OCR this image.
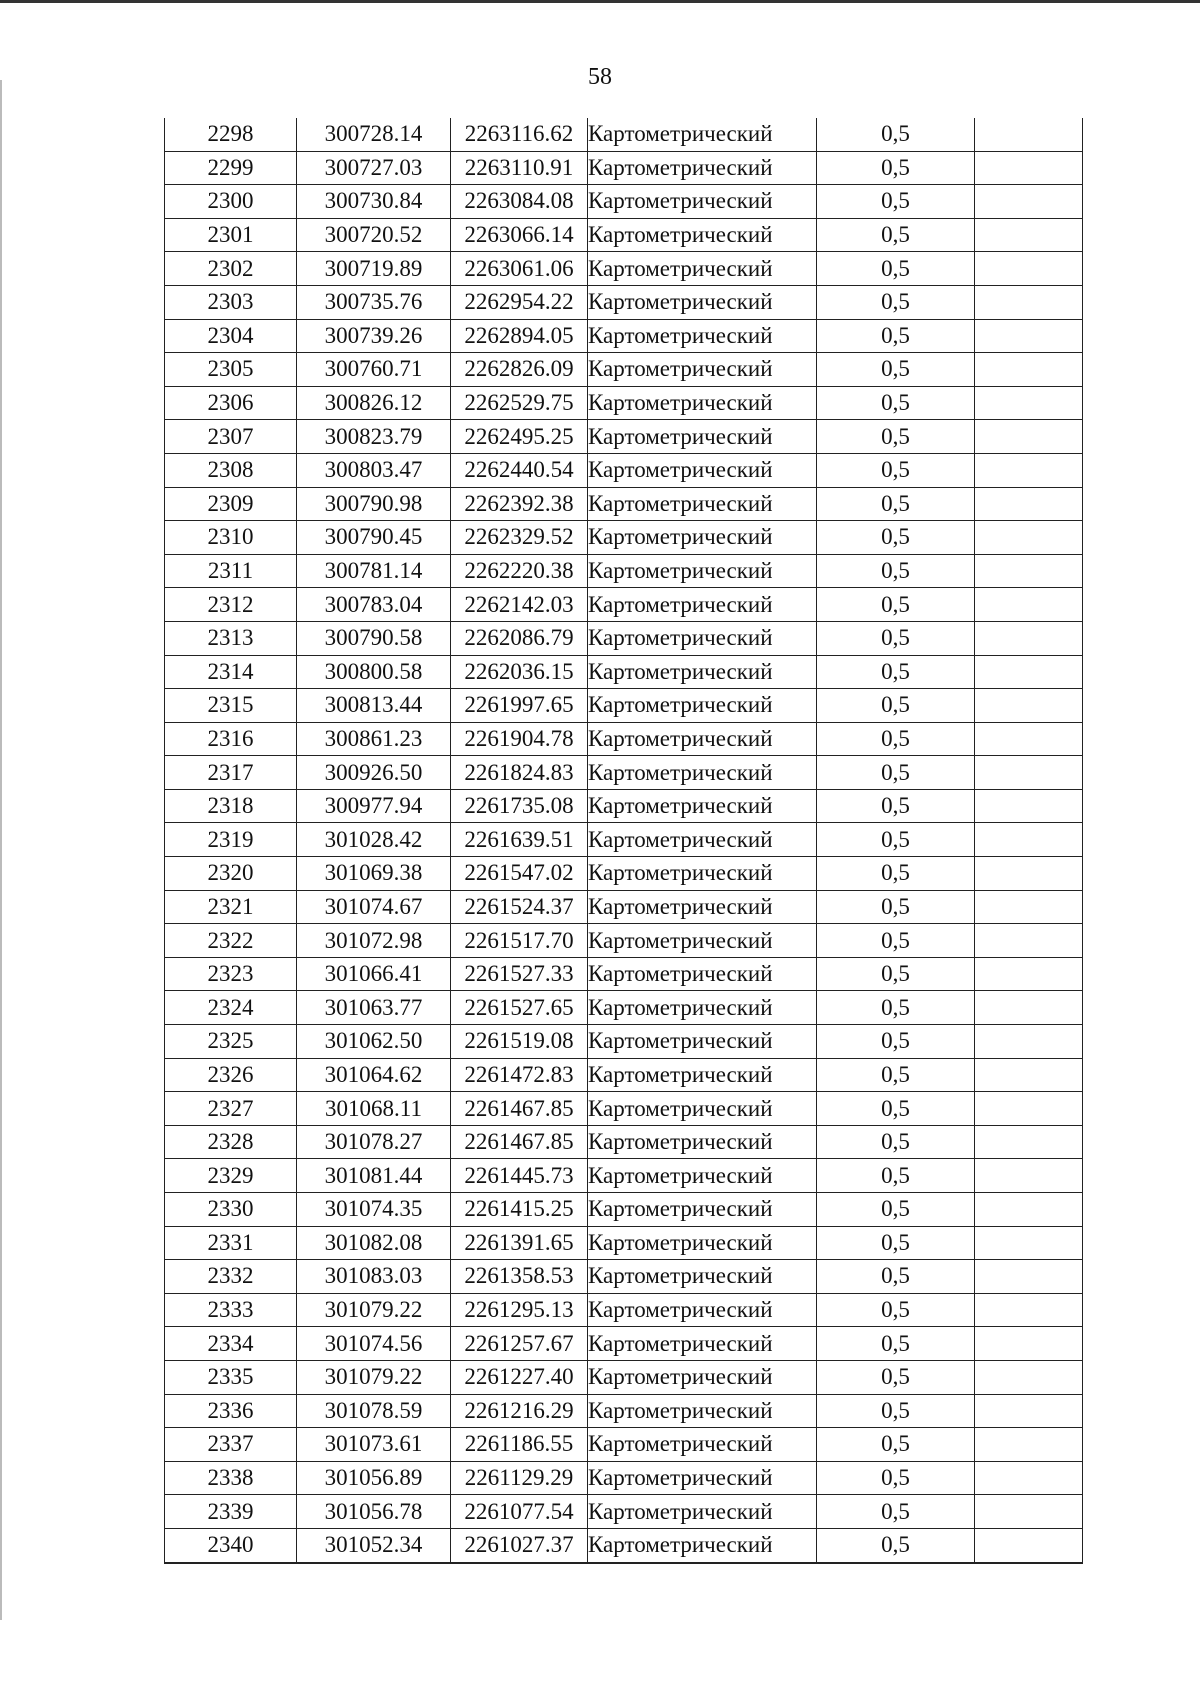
58
2298	300728.14	2263116.62	Картометрический	0,5	
2299	300727.03	2263110.91	Картометрический	0,5	
2300	300730.84	2263084.08	Картометрический	0,5	
2301	300720.52	2263066.14	Картометрический	0,5	
2302	300719.89	2263061.06	Картометрический	0,5	
2303	300735.76	2262954.22	Картометрический	0,5	
2304	300739.26	2262894.05	Картометрический	0,5	
2305	300760.71	2262826.09	Картометрический	0,5	
2306	300826.12	2262529.75	Картометрический	0,5	
2307	300823.79	2262495.25	Картометрический	0,5	
2308	300803.47	2262440.54	Картометрический	0,5	
2309	300790.98	2262392.38	Картометрический	0,5	
2310	300790.45	2262329.52	Картометрический	0,5	
2311	300781.14	2262220.38	Картометрический	0,5	
2312	300783.04	2262142.03	Картометрический	0,5	
2313	300790.58	2262086.79	Картометрический	0,5	
2314	300800.58	2262036.15	Картометрический	0,5	
2315	300813.44	2261997.65	Картометрический	0,5	
2316	300861.23	2261904.78	Картометрический	0,5	
2317	300926.50	2261824.83	Картометрический	0,5	
2318	300977.94	2261735.08	Картометрический	0,5	
2319	301028.42	2261639.51	Картометрический	0,5	
2320	301069.38	2261547.02	Картометрический	0,5	
2321	301074.67	2261524.37	Картометрический	0,5	
2322	301072.98	2261517.70	Картометрический	0,5	
2323	301066.41	2261527.33	Картометрический	0,5	
2324	301063.77	2261527.65	Картометрический	0,5	
2325	301062.50	2261519.08	Картометрический	0,5	
2326	301064.62	2261472.83	Картометрический	0,5	
2327	301068.11	2261467.85	Картометрический	0,5	
2328	301078.27	2261467.85	Картометрический	0,5	
2329	301081.44	2261445.73	Картометрический	0,5	
2330	301074.35	2261415.25	Картометрический	0,5	
2331	301082.08	2261391.65	Картометрический	0,5	
2332	301083.03	2261358.53	Картометрический	0,5	
2333	301079.22	2261295.13	Картометрический	0,5	
2334	301074.56	2261257.67	Картометрический	0,5	
2335	301079.22	2261227.40	Картометрический	0,5	
2336	301078.59	2261216.29	Картометрический	0,5	
2337	301073.61	2261186.55	Картометрический	0,5	
2338	301056.89	2261129.29	Картометрический	0,5	
2339	301056.78	2261077.54	Картометрический	0,5	
2340	301052.34	2261027.37	Картометрический	0,5	
